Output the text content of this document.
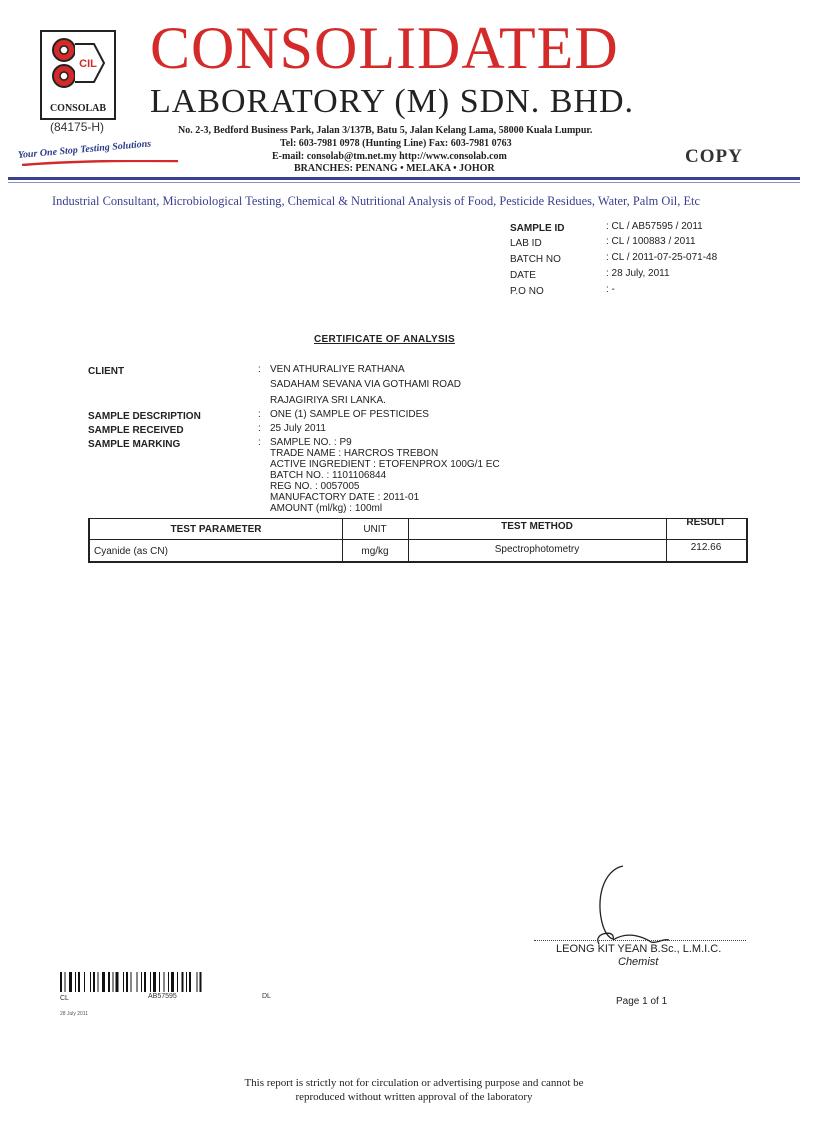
CIL
CONSOLAB
(84175-H)
Your One Stop Testing Solutions
CONSOLIDATED
LABORATORY (M) SDN. BHD.
No. 2-3, Bedford Business Park, Jalan 3/137B, Batu 5, Jalan Kelang Lama, 58000 Kuala Lumpur.
Tel: 603-7981 0978 (Hunting Line) Fax: 603-7981 0763
E-mail: consolab@tm.net.my http://www.consolab.com
BRANCHES: PENANG • MELAKA • JOHOR
COPY
Industrial Consultant, Microbiological Testing, Chemical & Nutritional Analysis of Food, Pesticide Residues, Water, Palm Oil, Etc
SAMPLE ID	: CL / AB57595 / 2011
LAB ID	: CL / 100883 / 2011
BATCH NO	: CL / 2011-07-25-071-48
DATE	: 28 July, 2011
P.O NO	: -
CERTIFICATE OF ANALYSIS
CLIENT	: VEN ATHURALIYE RATHANA
SADAHAM SEVANA VIA GOTHAMI ROAD
RAJAGIRIYA SRI LANKA.
SAMPLE DESCRIPTION	: ONE (1) SAMPLE OF PESTICIDES
SAMPLE RECEIVED	: 25 July 2011
SAMPLE MARKING	: SAMPLE NO. : P9
TRADE NAME : HARCROS TREBON
ACTIVE INGREDIENT : ETOFENPROX 100G/1 EC
BATCH NO. : 1101106844
REG NO. : 0057005
MANUFACTORY DATE : 2011-01
AMOUNT (ml/kg) : 100ml
TEST PARAMETER	UNIT	TEST METHOD	RESULT
Cyanide (as CN)	mg/kg	Spectrophotometry	212.66
LEONG KIT YEAN B.Sc., L.M.I.C.
Chemist
Page 1 of 1
CL	AB57595	DL
28 July 2011
This report is strictly not for circulation or advertising purpose and cannot be
reproduced without written approval of the laboratory
